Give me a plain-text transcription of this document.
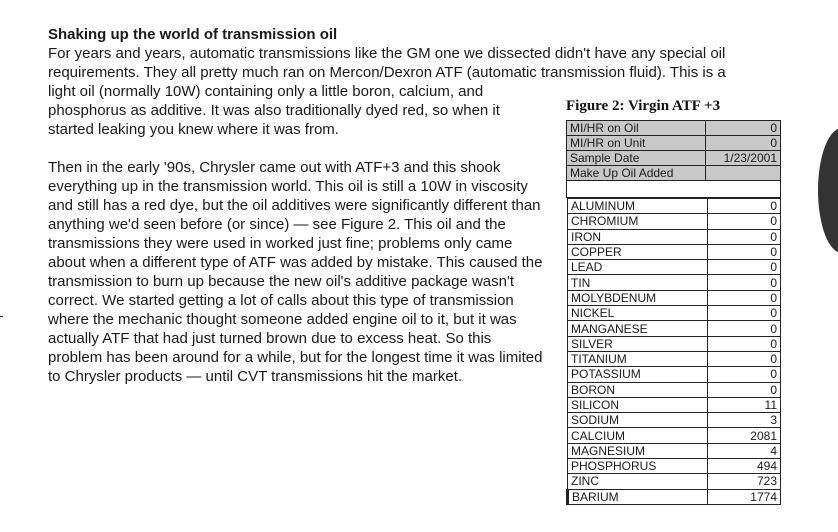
Shaking up the world of transmission oil

For years and years, automatic transmissions like the GM one we dissected didn't have any special oil
requirements. They all pretty much ran on Mercon/Dexron ATF (automatic transmission fluid). This is a
light oil (normally 10W) containing only a little boron, calcium, and
phosphorus as additive. It was also traditionally dyed red, so when it
started leaking you knew where it was from.

Then in the early '90s, Chrysler came out with ATF+3 and this shook everything up in the transmission world. This oil is still a 10W in viscosity and still has a red dye, but the oil additives were significantly different than anything we'd seen before (or since) — see Figure 2. This oil and the transmissions they were used in worked just fine; problems only came about when a different type of ATF was added by mistake. This caused the transmission to burn up because the new oil's additive package wasn't correct. We started getting a lot of calls about this type of transmission where the mechanic thought someone added engine oil to it, but it was actually ATF that had just turned brown due to excess heat. So this problem has been around for a while, but for the longest time it was limited to Chrysler products — until CVT transmissions hit the market.

Figure 2: Virgin ATF +3

MI/HR on Oil	0
MI/HR on Unit	0
Sample Date	1/23/2001
Make Up Oil Added	

ALUMINUM	0
CHROMIUM	0
IRON	0
COPPER	0
LEAD	0
TIN	0
MOLYBDENUM	0
NICKEL	0
MANGANESE	0
SILVER	0
TITANIUM	0
POTASSIUM	0
BORON	0
SILICON	11
SODIUM	3
CALCIUM	2081
MAGNESIUM	4
PHOSPHORUS	494
ZINC	723
BARIUM	1774
